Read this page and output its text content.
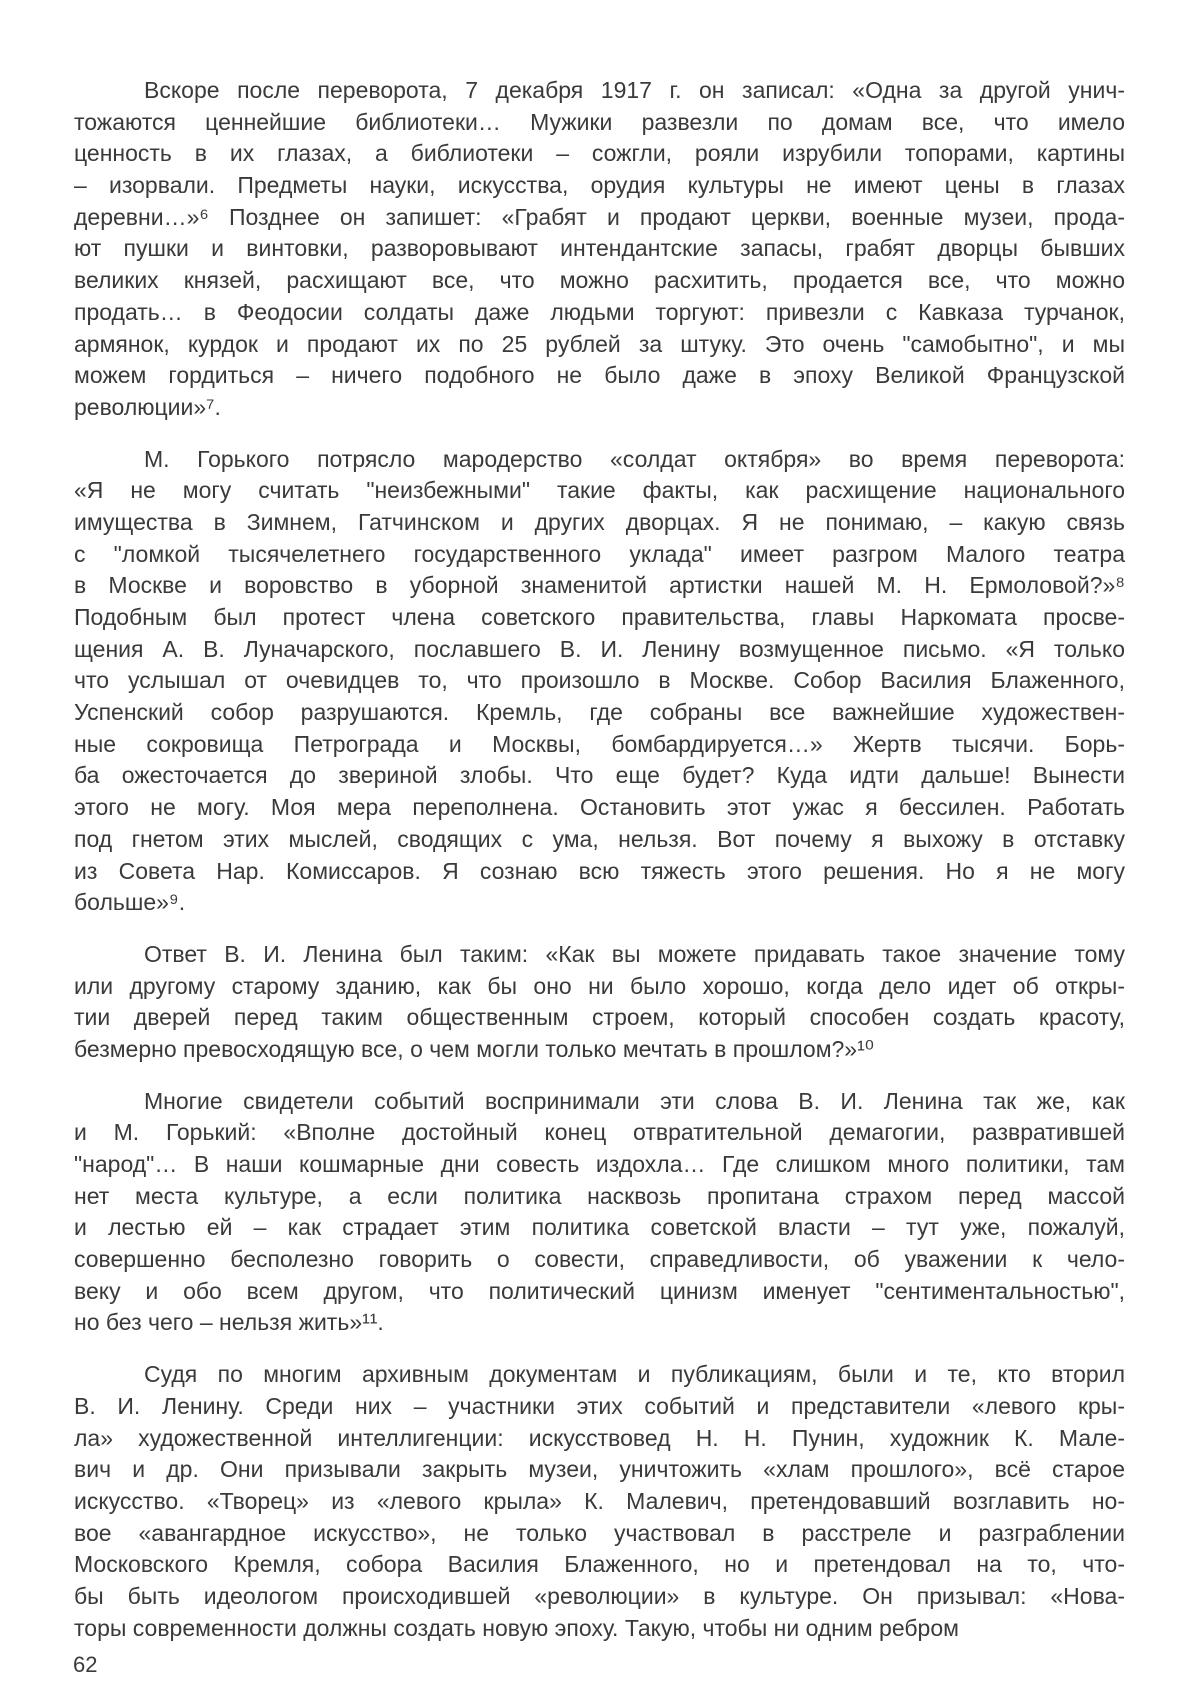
Вскоре после переворота, 7 декабря 1917 г. он записал: «Одна за другой унич-
тожаются ценнейшие библиотеки… Мужики развезли по домам все, что имело
ценность в их глазах, а библиотеки – сожгли, рояли изрубили топорами, картины
– изорвали. Предметы науки, искусства, орудия культуры не имеют цены в глазах
деревни…»⁶ Позднее он запишет: «Грабят и продают церкви, военные музеи, прода-
ют пушки и винтовки, разворовывают интендантские запасы, грабят дворцы бывших
великих князей, расхищают все, что можно расхитить, продается все, что можно
продать… в Феодосии солдаты даже людьми торгуют: привезли с Кавказа турчанок,
армянок, курдок и продают их по 25 рублей за штуку. Это очень "самобытно", и мы
можем гордиться – ничего подобного не было даже в эпоху Великой Французской
революции»⁷.

М. Горького потрясло мародерство «солдат октября» во время переворота:
«Я не могу считать "неизбежными" такие факты, как расхищение национального
имущества в Зимнем, Гатчинском и других дворцах. Я не понимаю, – какую связь
с "ломкой тысячелетнего государственного уклада" имеет разгром Малого театра
в Москве и воровство в уборной знаменитой артистки нашей М. Н. Ермоловой?»⁸
Подобным был протест члена советского правительства, главы Наркомата просве-
щения А. В. Луначарского, пославшего В. И. Ленину возмущенное письмо. «Я только
что услышал от очевидцев то, что произошло в Москве. Собор Василия Блаженного,
Успенский собор разрушаются. Кремль, где собраны все важнейшие художествен-
ные сокровища Петрограда и Москвы, бомбардируется…» Жертв тысячи. Борь-
ба ожесточается до звериной злобы. Что еще будет? Куда идти дальше! Вынести
этого не могу. Моя мера переполнена. Остановить этот ужас я бессилен. Работать
под гнетом этих мыслей, сводящих с ума, нельзя. Вот почему я выхожу в отставку
из Совета Нар. Комиссаров. Я сознаю всю тяжесть этого решения. Но я не могу
больше»⁹.

Ответ В. И. Ленина был таким: «Как вы можете придавать такое значение тому
или другому старому зданию, как бы оно ни было хорошо, когда дело идет об откры-
тии дверей перед таким общественным строем, который способен создать красоту,
безмерно превосходящую все, о чем могли только мечтать в прошлом?»¹⁰

Многие свидетели событий воспринимали эти слова В. И. Ленина так же, как
и М. Горький: «Вполне достойный конец отвратительной демагогии, развратившей
"народ"… В наши кошмарные дни совесть издохла… Где слишком много политики, там
нет места культуре, а если политика насквозь пропитана страхом перед массой
и лестью ей – как страдает этим политика советской власти – тут уже, пожалуй,
совершенно бесполезно говорить о совести, справедливости, об уважении к чело-
веку и обо всем другом, что политический цинизм именует "сентиментальностью",
но без чего – нельзя жить»¹¹.

Судя по многим архивным документам и публикациям, были и те, кто вторил
В. И. Ленину. Среди них – участники этих событий и представители «левого кры-
ла» художественной интеллигенции: искусствовед Н. Н. Пунин, художник К. Мале-
вич и др. Они призывали закрыть музеи, уничтожить «хлам прошлого», всё старое
искусство. «Творец» из «левого крыла» К. Малевич, претендовавший возглавить но-
вое «авангардное искусство», не только участвовал в расстреле и разграблении
Московского Кремля, собора Василия Блаженного, но и претендовал на то, что-
бы быть идеологом происходившей «революции» в культуре. Он призывал: «Нова-
торы современности должны создать новую эпоху. Такую, чтобы ни одним ребром

62
